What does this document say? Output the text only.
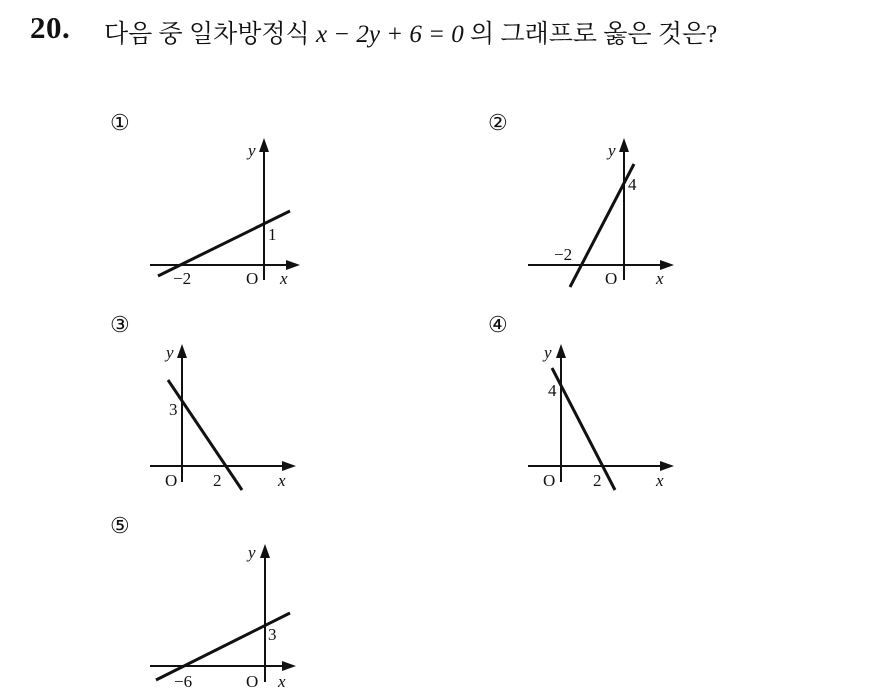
20. 다음 중 일차방정식 x − 2y + 6 = 0 의 그래프로 옳은 것은?
①
y
x
O
−2
1
②
y
x
O
−2
4
③
y
x
O 2
3
④
y
x
O 2
4
⑤
y
x
O
−6
3
